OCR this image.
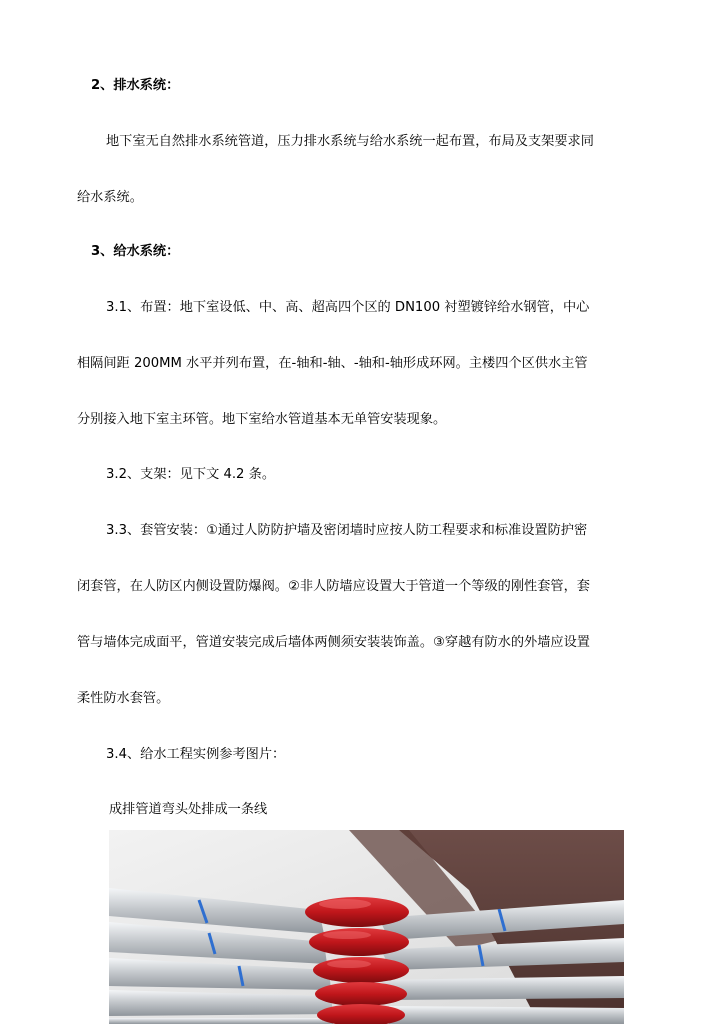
2、排水系统：
地下室无自然排水系统管道，压力排水系统与给水系统一起布置，布局及支架要求同
给水系统。
3、给水系统：
3.1、布置：地下室设低、中、高、超高四个区的 DN100 衬塑镀锌给水钢管，中心
相隔间距 200MM 水平并列布置，在-轴和-轴、-轴和-轴形成环网。主楼四个区供水主管
分别接入地下室主环管。地下室给水管道基本无单管安装现象。
3.2、支架：见下文 4.2 条。
3.3、套管安装：①通过人防防护墙及密闭墙时应按人防工程要求和标准设置防护密
闭套管，在人防区内侧设置防爆阀。②非人防墙应设置大于管道一个等级的刚性套管，套
管与墙体完成面平，管道安装完成后墙体两侧须安装装饰盖。③穿越有防水的外墙应设置
柔性防水套管。
3.4、给水工程实例参考图片：
成排管道弯头处排成一条线
